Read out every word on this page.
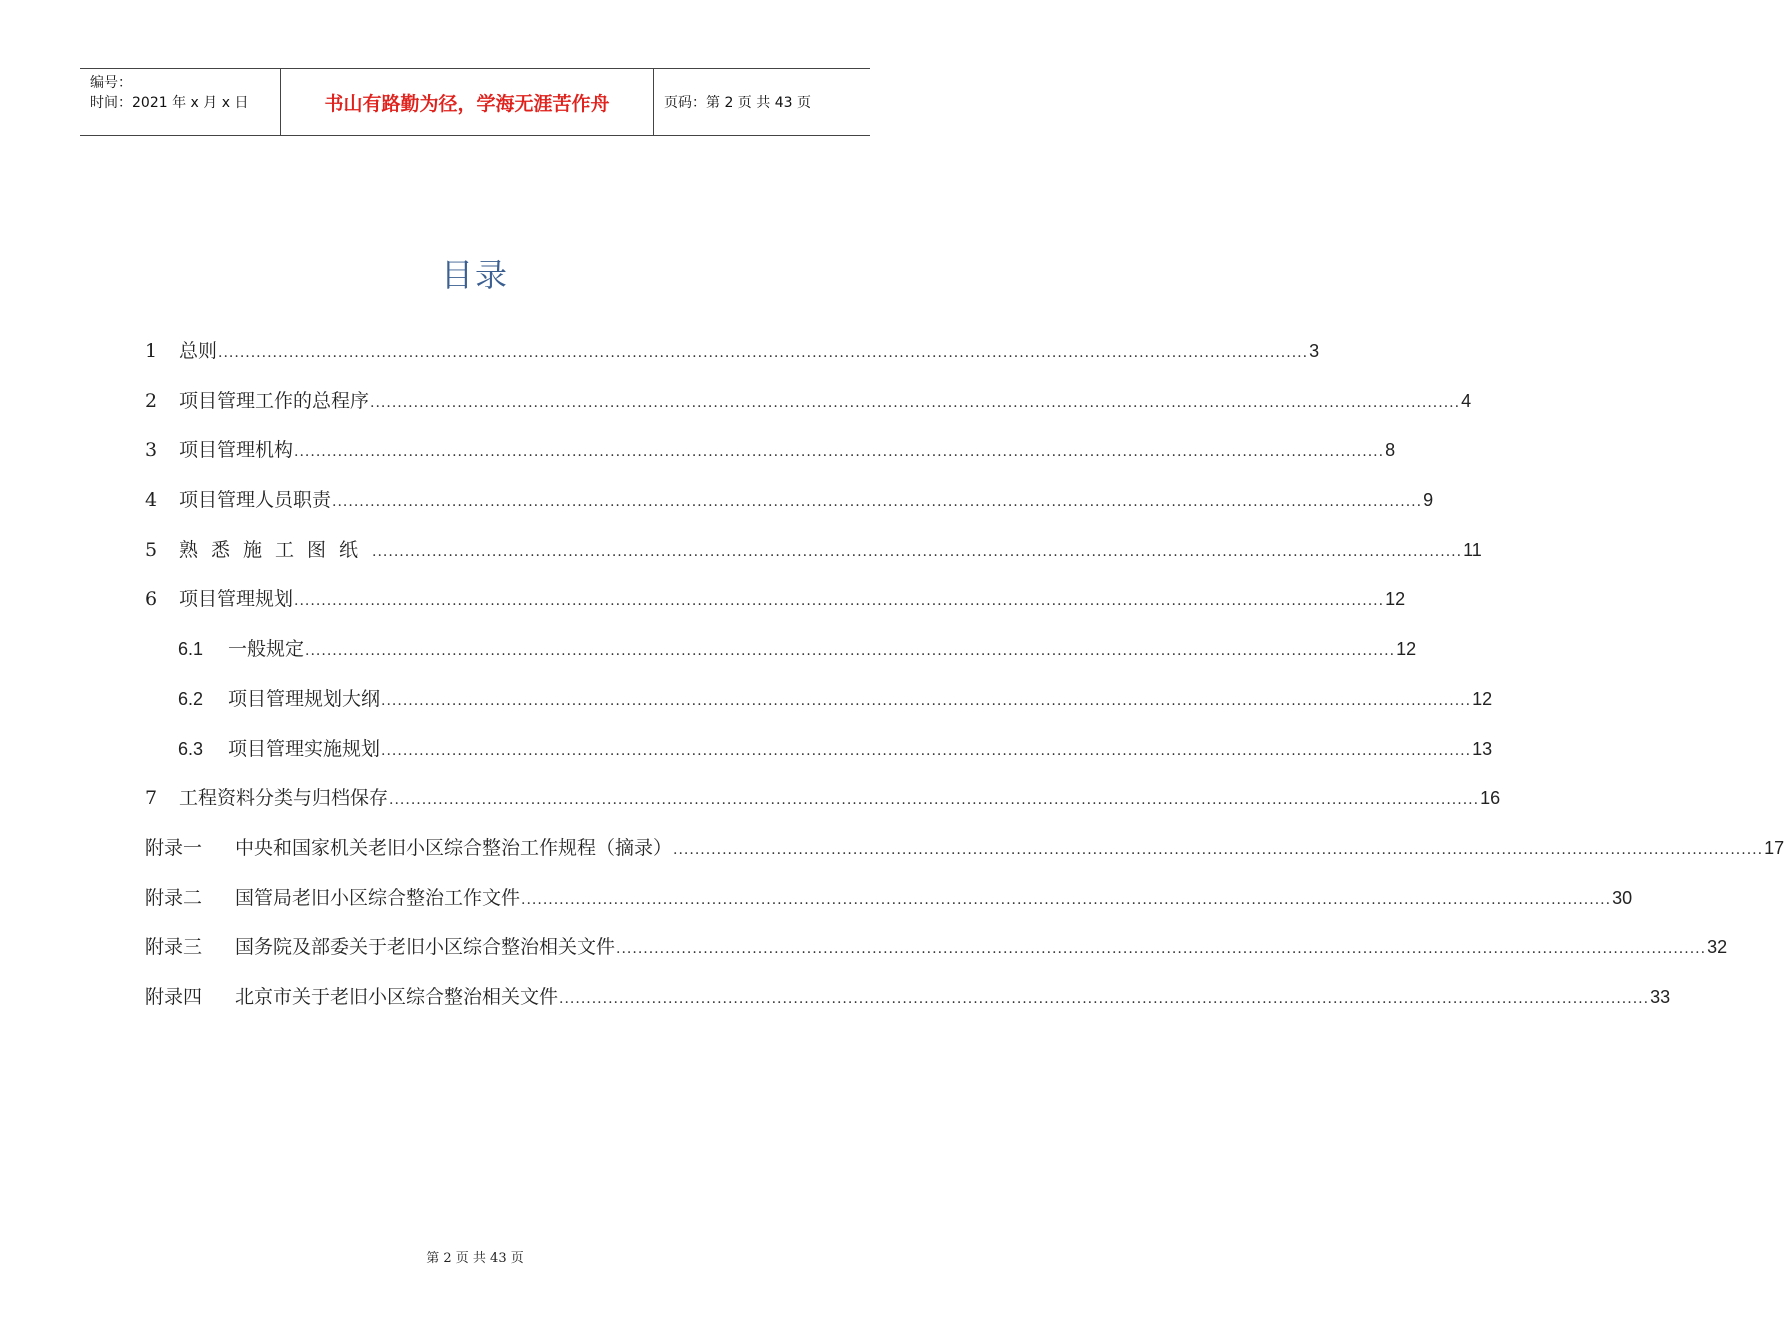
编号：
时间：2021 年 x 月 x 日	书山有路勤为径，学海无涯苦作舟	页码：第 2 页 共 43 页
目录
1	总则 ........................................................................................................................................................................................................ 3
2	项目管理工作的总程序 ........................................................................................................................................................................................................ 4
3	项目管理机构 ........................................................................................................................................................................................................ 8
4	项目管理人员职责 ........................................................................................................................................................................................................ 9
5	熟悉施工图纸 ........................................................................................................................................................................................................ 11
6	项目管理规划 ........................................................................................................................................................................................................ 12
6.1	一般规定 ........................................................................................................................................................................................................ 12
6.2	项目管理规划大纲 ........................................................................................................................................................................................................ 12
6.3	项目管理实施规划 ........................................................................................................................................................................................................ 13
7	工程资料分类与归档保存 ........................................................................................................................................................................................................ 16
附录一	中央和国家机关老旧小区综合整治工作规程（摘录） ........................................................................................................................................................................................................ 17
附录二	国管局老旧小区综合整治工作文件 ........................................................................................................................................................................................................ 30
附录三	国务院及部委关于老旧小区综合整治相关文件 ........................................................................................................................................................................................................ 32
附录四	北京市关于老旧小区综合整治相关文件 ........................................................................................................................................................................................................ 33
第 2 页 共 43 页
